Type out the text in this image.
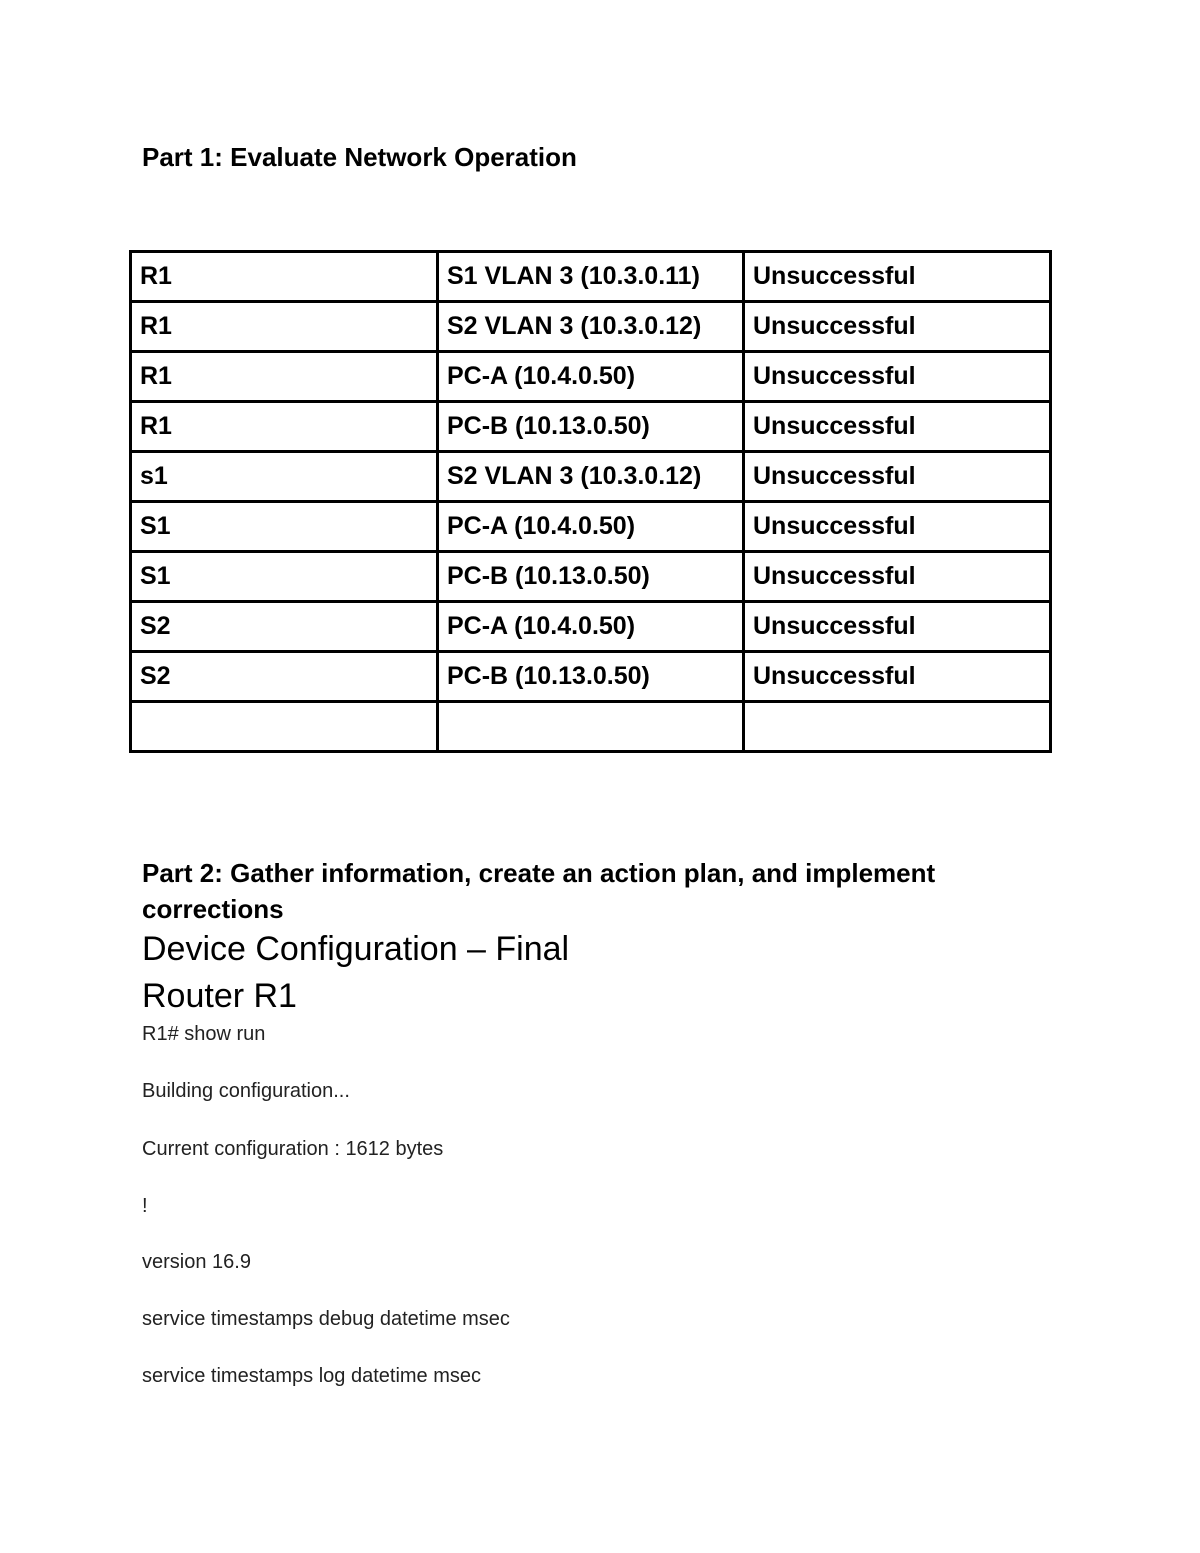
Part 1: Evaluate Network Operation
R1	S1 VLAN 3 (10.3.0.11)	Unsuccessful
R1	S2 VLAN 3 (10.3.0.12)	Unsuccessful
R1	PC-A (10.4.0.50)	Unsuccessful
R1	PC-B (10.13.0.50)	Unsuccessful
s1	S2 VLAN 3 (10.3.0.12)	Unsuccessful
S1	PC-A (10.4.0.50)	Unsuccessful
S1	PC-B (10.13.0.50)	Unsuccessful
S2	PC-A (10.4.0.50)	Unsuccessful
S2	PC-B (10.13.0.50)	Unsuccessful

Part 2: Gather information, create an action plan, and implement corrections
Device Configuration – Final
Router R1

R1# show run

Building configuration...

Current configuration : 1612 bytes

!

version 16.9

service timestamps debug datetime msec

service timestamps log datetime msec
